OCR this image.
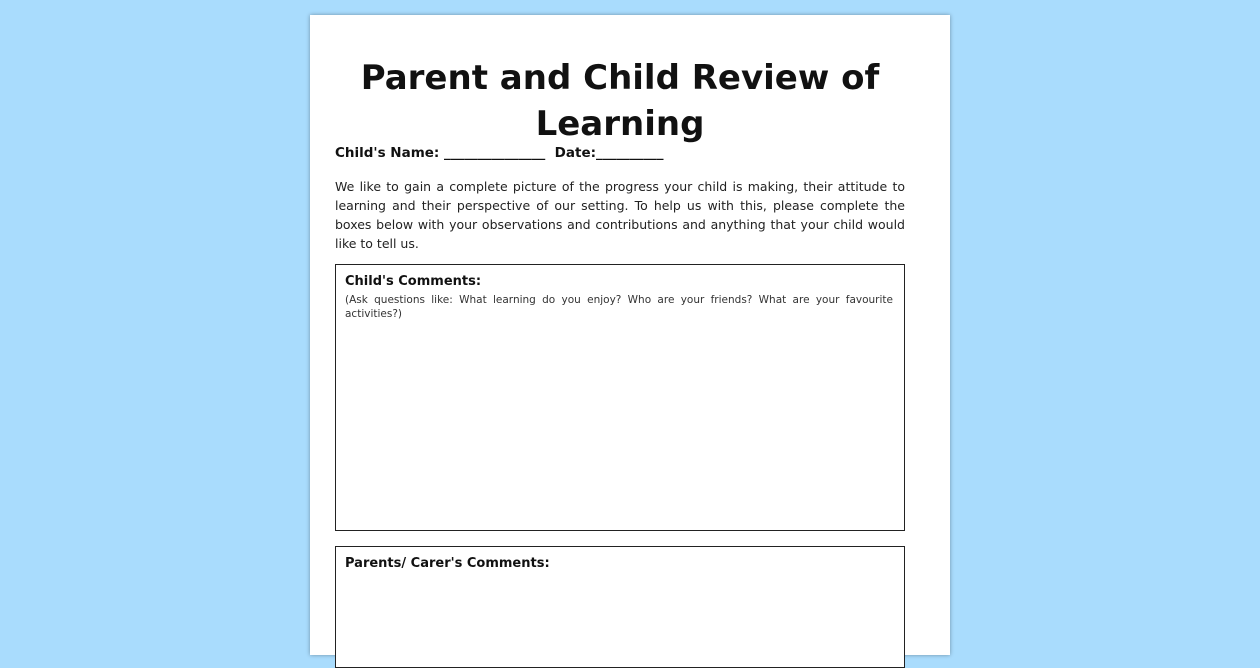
Parent and Child Review of Learning
Child's Name: _______________  Date:__________
We like to gain a complete picture of the progress your child is making, their attitude to learning and their perspective of our setting. To help us with this, please complete the boxes below with your observations and contributions and anything that your child would like to tell us.
Child's Comments:
(Ask questions like: What learning do you enjoy? Who are your friends? What are your favourite activities?)
Parents/ Carer's Comments:
